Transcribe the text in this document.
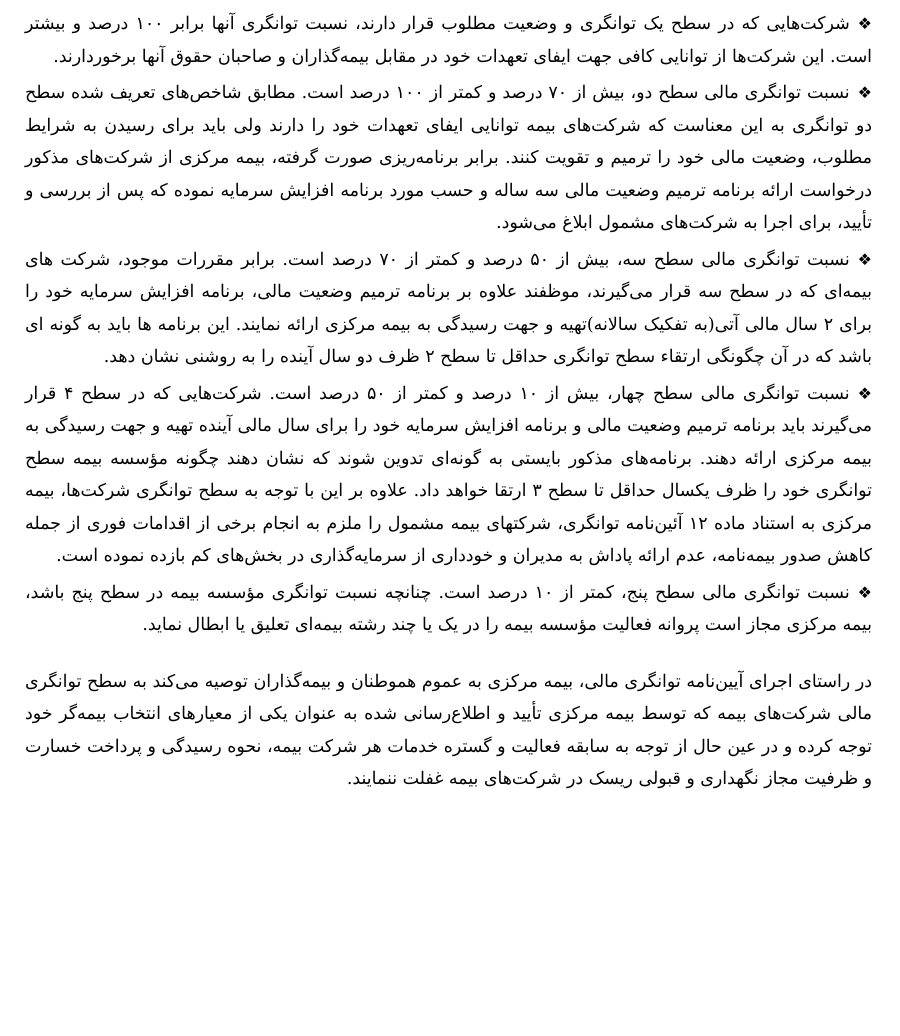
❖شرکت‌هایی که در سطح یک توانگری و وضعیت مطلوب قرار دارند، نسبت توانگری آنها برابر ۱۰۰ درصد و بیشتر است. این شرکت‌ها از توانایی کافی جهت ایفای تعهدات خود در مقابل بیمه‌گذاران و صاحبان حقوق آنها برخوردارند.

❖نسبت توانگری مالی سطح دو، بیش از ۷۰ درصد و کمتر از ۱۰۰ درصد است. مطابق شاخص‌های تعریف شده سطح دو توانگری به این معناست که شرکت‌های بیمه توانایی ایفای تعهدات خود را دارند ولی باید برای رسیدن به شرایط مطلوب، وضعیت مالی خود را ترمیم و تقویت کنند. برابر برنامه‌ریزی صورت گرفته، بیمه مرکزی از شرکت‌های مذکور درخواست ارائه برنامه ترمیم وضعیت مالی سه ساله و حسب مورد برنامه افزایش سرمایه نموده که پس از بررسی و تأیید، برای اجرا به شرکت‌های مشمول ابلاغ می‌شود.

❖نسبت توانگری مالی سطح سه، بیش از ۵۰ درصد و کمتر از ۷۰ درصد است. برابر مقررات موجود، شرکت های بیمه‌ای که در سطح سه قرار می‌گیرند، موظفند علاوه بر برنامه ترمیم وضعیت مالی، برنامه افزایش سرمایه خود را برای ۲ سال مالی آتی(به تفکیک سالانه)تهیه و جهت رسیدگی به بیمه مرکزی ارائه نمایند. این برنامه ها باید به گونه ای باشد که در آن چگونگی ارتقاء سطح توانگری حداقل تا سطح ۲ ظرف دو سال آینده را به روشنی نشان دهد.

❖نسبت توانگری مالی سطح چهار، بیش از ۱۰ درصد و کمتر از ۵۰ درصد است. شرکت‌هایی که در سطح ۴ قرار می‌گیرند باید برنامه ترمیم وضعیت مالی و برنامه افزایش سرمایه خود را برای سال مالی آینده تهیه و جهت رسیدگی به بیمه مرکزی ارائه دهند. برنامه‌های مذکور بایستی به گونه‌ای تدوین شوند که نشان دهند چگونه مؤسسه بیمه سطح توانگری خود را ظرف یکسال حداقل تا سطح ۳ ارتقا خواهد داد. علاوه بر این با توجه به سطح توانگری شرکت‌ها، بیمه مرکزی به استناد ماده ۱۲ آئین‌نامه توانگری، شرکتهای بیمه مشمول را ملزم به انجام برخی از اقدامات فوری از جمله کاهش صدور بیمه‌نامه، عدم ارائه پاداش به مدیران و خودداری از سرمایه‌گذاری در بخش‌های کم بازده نموده است.

❖نسبت توانگری مالی سطح پنج، کمتر از ۱۰ درصد است. چنانچه نسبت توانگری مؤسسه بیمه در سطح پنج باشد، بیمه مرکزی مجاز است پروانه فعالیت مؤسسه بیمه را در یک یا چند رشته بیمه‌ای تعلیق یا ابطال نماید.

در راستای اجرای آیین‌نامه توانگری مالی، بیمه مرکزی به عموم هموطنان و بیمه‌گذاران توصیه می‌کند به سطح توانگری مالی شرکت‌های بیمه که توسط بیمه مرکزی تأیید و اطلاع‌رسانی شده به عنوان یکی از معیارهای انتخاب بیمه‌گر خود توجه کرده و در عین حال از توجه به سابقه فعالیت و گستره خدمات هر شرکت بیمه، نحوه رسیدگی و پرداخت خسارت و ظرفیت مجاز نگهداری و قبولی ریسک در شرکت‌های بیمه غفلت ننمایند.
